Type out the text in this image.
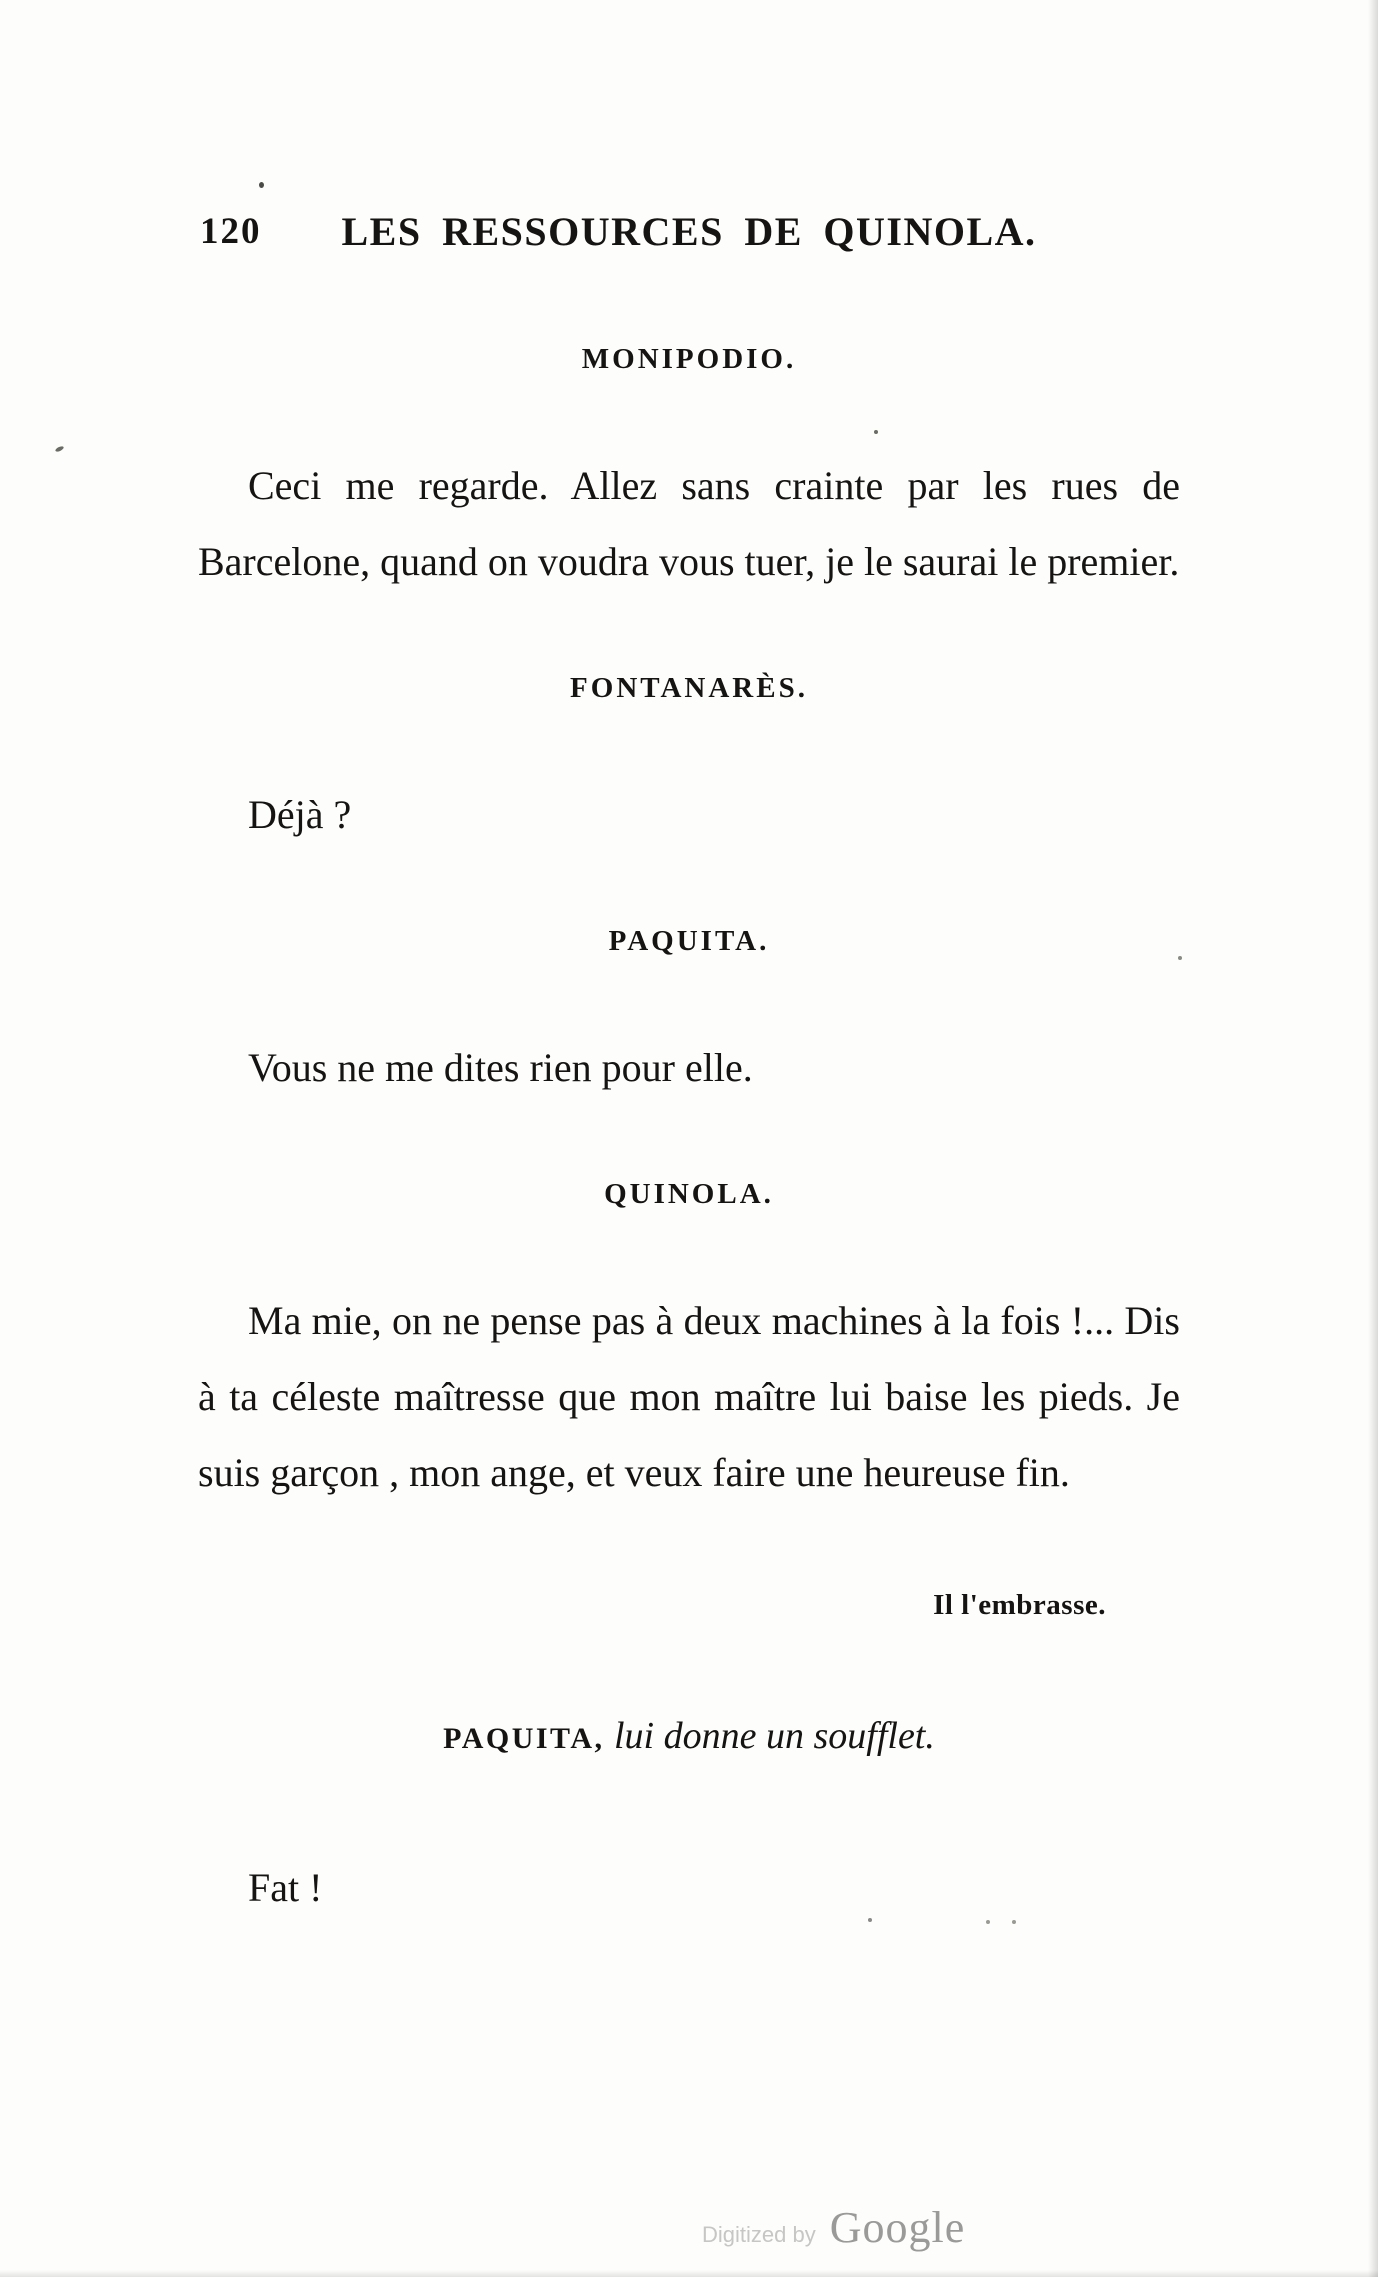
120 LES RESSOURCES DE QUINOLA.
MONIPODIO.

Ceci me regarde. Allez sans crainte par les rues de Barcelone, quand on voudra vous tuer, je le saurai le premier.

FONTANARÈS.

Déjà ?

PAQUITA.

Vous ne me dites rien pour elle.

QUINOLA.

Ma mie, on ne pense pas à deux machines à la fois !... Dis à ta céleste maîtresse que mon maître lui baise les pieds. Je suis garçon , mon ange, et veux faire une heureuse fin.

Il l'embrasse.
PAQUITA, lui donne un soufflet.

Fat !

Digitized by Google
